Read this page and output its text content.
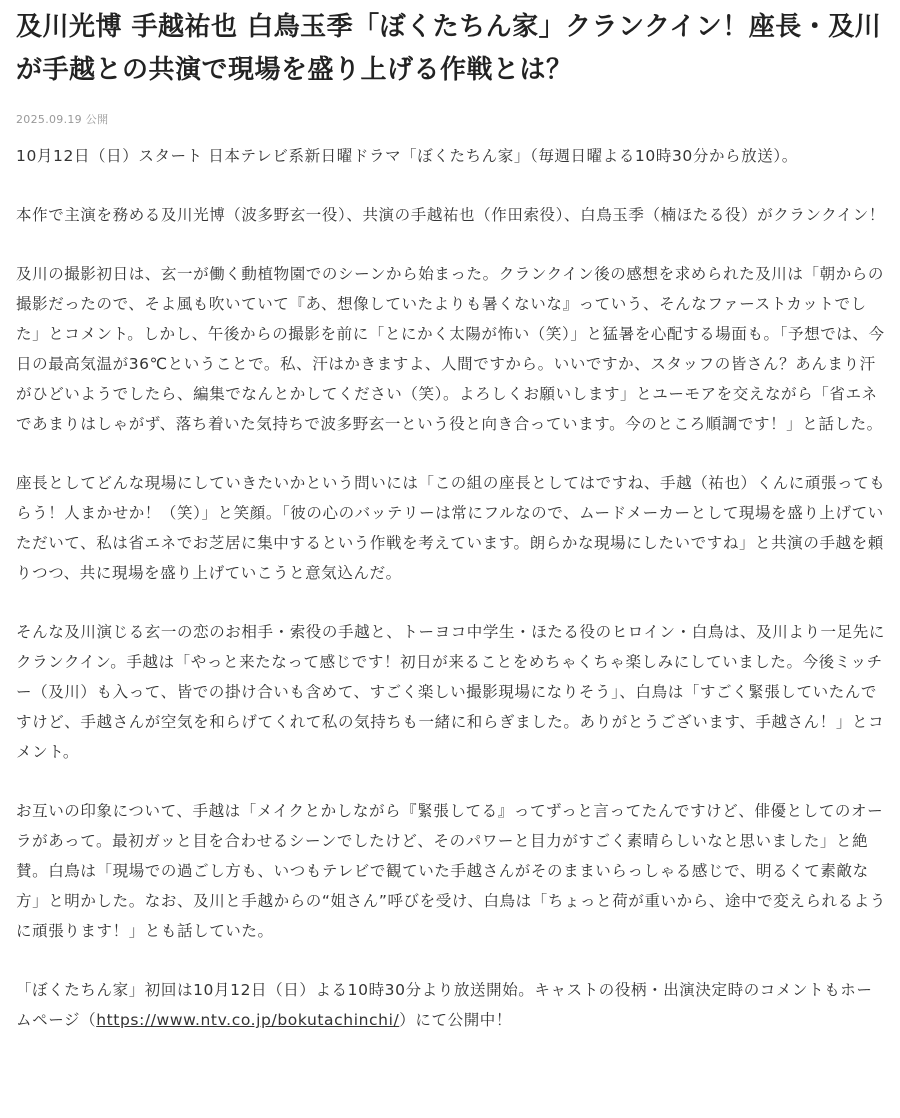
及川光博 手越祐也 白鳥玉季「ぼくたちん家」クランクイン！座長・及川が手越との共演で現場を盛り上げる作戦とは？
2025.09.19 公開

10月12日（日）スタート 日本テレビ系新日曜ドラマ「ぼくたちん家」（毎週日曜よる10時30分から放送）。

本作で主演を務める及川光博（波多野玄一役）、共演の手越祐也（作田索役）、白鳥玉季（楠ほたる役）がクランクイン！

及川の撮影初日は、玄一が働く動植物園でのシーンから始まった。クランクイン後の感想を求められた及川は「朝からの撮影だったので、そよ風も吹いていて『あ、想像していたよりも暑くないな』っていう、そんなファーストカットでした」とコメント。しかし、午後からの撮影を前に「とにかく太陽が怖い（笑）」と猛暑を心配する場面も。「予想では、今日の最高気温が36℃ということで。私、汗はかきますよ、人間ですから。いいですか、スタッフの皆さん？あんまり汗がひどいようでしたら、編集でなんとかしてください（笑）。よろしくお願いします」とユーモアを交えながら「省エネであまりはしゃがず、落ち着いた気持ちで波多野玄一という役と向き合っています。今のところ順調です！」と話した。

座長としてどんな現場にしていきたいかという問いには「この組の座長としてはですね、手越（祐也）くんに頑張ってもらう！人まかせか！（笑）」と笑顔。「彼の心のバッテリーは常にフルなので、ムードメーカーとして現場を盛り上げていただいて、私は省エネでお芝居に集中するという作戦を考えています。朗らかな現場にしたいですね」と共演の手越を頼りつつ、共に現場を盛り上げていこうと意気込んだ。

そんな及川演じる玄一の恋のお相手・索役の手越と、トーヨコ中学生・ほたる役のヒロイン・白鳥は、及川より一足先にクランクイン。手越は「やっと来たなって感じです！初日が来ることをめちゃくちゃ楽しみにしていました。今後ミッチー（及川）も入って、皆での掛け合いも含めて、すごく楽しい撮影現場になりそう」、白鳥は「すごく緊張していたんですけど、手越さんが空気を和らげてくれて私の気持ちも一緒に和らぎました。ありがとうございます、手越さん！」とコメント。

お互いの印象について、手越は「メイクとかしながら『緊張してる』ってずっと言ってたんですけど、俳優としてのオーラがあって。最初ガッと目を合わせるシーンでしたけど、そのパワーと目力がすごく素晴らしいなと思いました」と絶賛。白鳥は「現場での過ごし方も、いつもテレビで観ていた手越さんがそのままいらっしゃる感じで、明るくて素敵な方」と明かした。なお、及川と手越からの“姐さん”呼びを受け、白鳥は「ちょっと荷が重いから、途中で変えられるように頑張ります！」とも話していた。

「ぼくたちん家」初回は10月12日（日）よる10時30分より放送開始。キャストの役柄・出演決定時のコメントもホームページ（https://www.ntv.co.jp/bokutachinchi/）にて公開中！
